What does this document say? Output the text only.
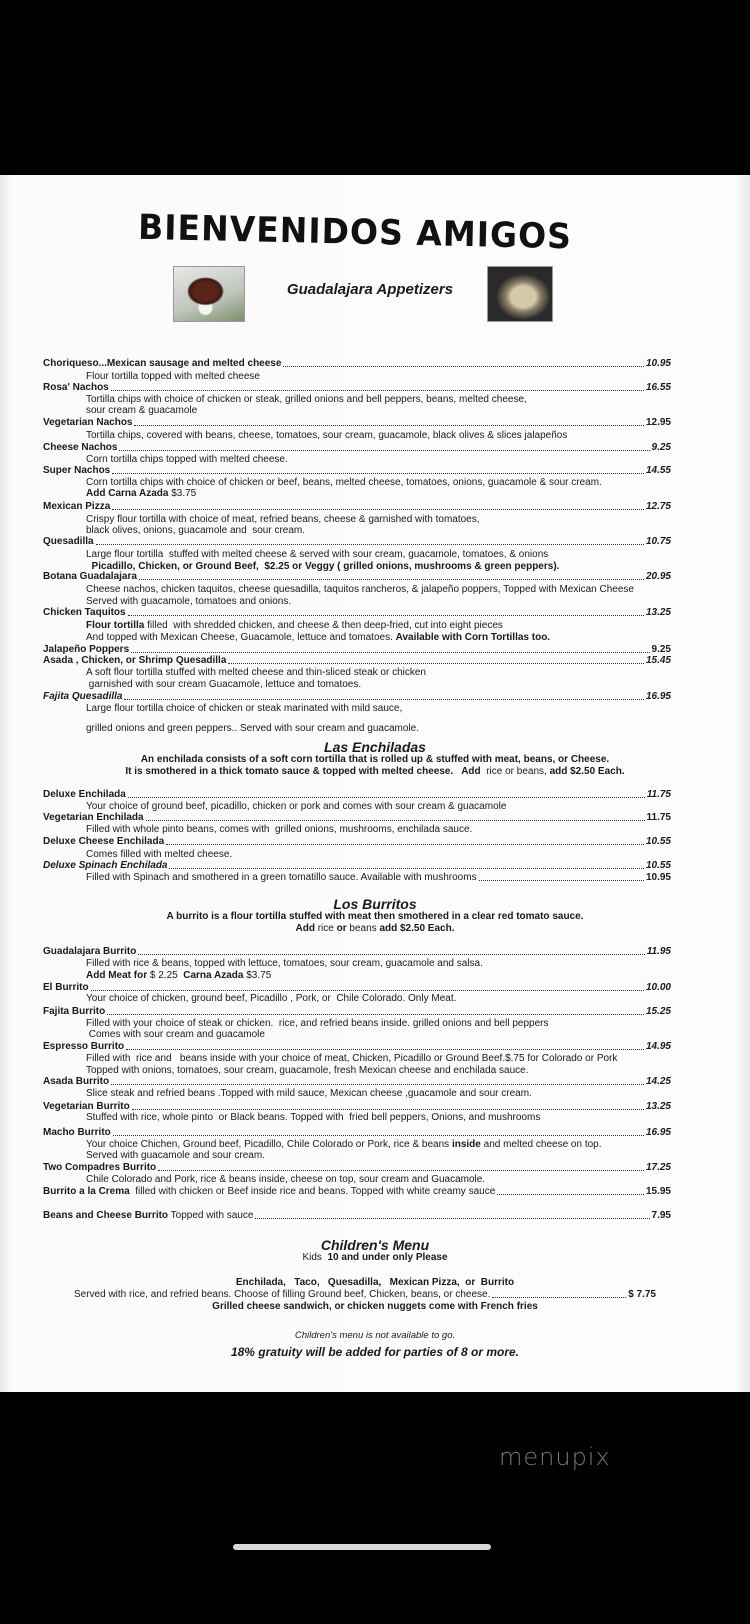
BIENVENIDOS AMIGOS
Guadalajara Appetizers
Choriqueso...Mexican sausage and melted cheese	10.95
Flour tortilla topped with melted cheese
Rosa' Nachos	16.55
Tortilla chips with choice of chicken or steak, grilled onions and bell peppers, beans, melted cheese,
sour cream & guacamole
Vegetarian Nachos	12.95
Tortilla chips, covered with beans, cheese, tomatoes, sour cream, guacamole, black olives & slices jalapeños
Cheese Nachos	9.25
Corn tortilla chips topped with melted cheese.
Super Nachos	14.55
Corn tortilla chips with choice of chicken or beef, beans, melted cheese, tomatoes, onions, guacamole & sour cream.
Add Carna Azada $3.75
Mexican Pizza	12.75
Crispy flour tortilla with choice of meat, refried beans, cheese & garnished with tomatoes,
black olives, onions, guacamole and  sour cream.
Quesadilla	10.75
Large flour tortilla  stuffed with melted cheese & served with sour cream, guacamole, tomatoes, & onions
Picadillo, Chicken, or Ground Beef,  $2.25 or Veggy ( grilled onions, mushrooms & green peppers).
Botana Guadalajara	20.95
Cheese nachos, chicken taquitos, cheese quesadilla, taquitos rancheros, & jalapeño poppers, Topped with Mexican Cheese
Served with guacamole, tomatoes and onions.
Chicken Taquitos	13.25
Flour tortilla filled  with shredded chicken, and cheese & then deep-fried, cut into eight pieces
And topped with Mexican Cheese, Guacamole, lettuce and tomatoes. Available with Corn Tortillas too.
Jalapeño Poppers	9.25
Asada , Chicken, or Shrimp Quesadilla	15.45
A soft flour tortilla stuffed with melted cheese and thin-sliced steak or chicken
garnished with sour cream Guacamole, lettuce and tomatoes.
Fajita Quesadilla	16.95
Large flour tortilla choice of chicken or steak marinated with mild sauce,
grilled onions and green peppers.. Served with sour cream and guacamole.
Las Enchiladas
An enchilada consists of a soft corn tortilla that is rolled up & stuffed with meat, beans, or Cheese.
It is smothered in a thick tomato sauce & topped with melted cheese.   Add  rice or beans, add $2.50 Each.
Deluxe Enchilada	11.75
Your choice of ground beef, picadillo, chicken or pork and comes with sour cream & guacamole
Vegetarian Enchilada	11.75
Filled with whole pinto beans, comes with  grilled onions, mushrooms, enchilada sauce.
Deluxe Cheese Enchilada	10.55
Comes filled with melted cheese.
Deluxe Spinach Enchilada	10.55
Filled with Spinach and smothered in a green tomatillo sauce. Available with mushrooms	10.95
Los Burritos
A burrito is a flour tortilla stuffed with meat then smothered in a clear red tomato sauce.
Add rice or beans add $2.50 Each.
Guadalajara Burrito	11.95
Filled with rice & beans, topped with lettuce, tomatoes, sour cream, guacamole and salsa.
Add Meat for $ 2.25 Carna Azada $3.75
El Burrito	10.00
Your choice of chicken, ground beef, Picadillo , Pork, or  Chile Colorado. Only Meat.
Fajita Burrito	15.25
Filled with your choice of steak or chicken.  rice, and refried beans inside. grilled onions and bell peppers
Comes with sour cream and guacamole
Espresso Burrito	14.95
Filled with  rice and   beans inside with your choice of meat, Chicken, Picadillo or Ground Beef.$.75 for Colorado or Pork
Topped with onions, tomatoes, sour cream, guacamole, fresh Mexican cheese and enchilada sauce.
Asada Burrito	14.25
Slice steak and refried beans .Topped with mild sauce, Mexican cheese ,guacamole and sour cream.
Vegetarian Burrito	13.25
Stuffed with rice, whole pinto  or Black beans. Topped with  fried bell peppers, Onions, and mushrooms
Macho Burrito	16.95
Your choice Chichen, Ground beef, Picadillo, Chile Colorado or Pork, rice & beans inside and melted cheese on top.
Served with guacamole and sour cream.
Two Compadres Burrito	17.25
Chile Colorado and Pork, rice & beans inside, cheese on top, sour cream and Guacamole.
Burrito a la Crema filled with chicken or Beef inside rice and beans. Topped with white creamy sauce	15.95
Beans and Cheese Burrito Topped with sauce	7.95
Children's Menu
Kids  10 and under only Please
Enchilada,   Taco,   Quesadilla,   Mexican Pizza,  or  Burrito
Served with rice, and refried beans. Choose of filling Ground beef, Chicken, beans, or cheese.	$ 7.75
Grilled cheese sandwich, or chicken nuggets come with French fries
Children's menu is not available to go.
18% gratuity will be added for parties of 8 or more.
menupix
